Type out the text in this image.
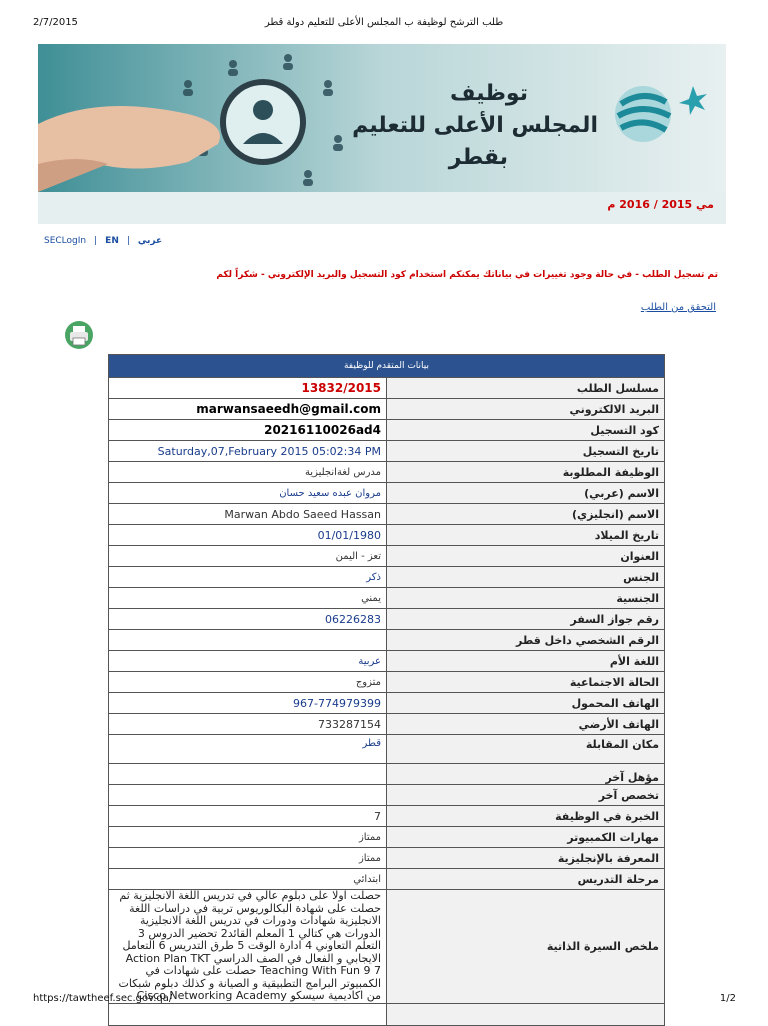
2/7/2015	طلب الترشح لوظيفة ب المجلس الأعلى للتعليم دولة قطر
توظيف
المجلس الأعلى للتعليم
بقطر
مي 2015 / 2016 م
SECLogIn | EN | عربي
تم تسجيل الطلب - في حالة وجود تغييرات في بياناتك يمكنكم استخدام كود التسجيل والبريد الإلكتروني - شكراً لكم
التحقق من الطلب
بيانات المتقدم للوظيفة	
13832/2015	مسلسل الطلب
marwansaeedh@gmail.com	البريد الالكتروني
20216110026ad4	كود التسجيل
Saturday,07,February 2015 05:02:34 PM	تاريخ التسجيل
مدرس لغةانجليزية	الوظيفة المطلوبة
مروان عبده سعيد حسان	الاسم (عربي)
Marwan Abdo Saeed Hassan	الاسم (انجليزي)
01/01/1980	تاريخ الميلاد
تعز - اليمن	العنوان
ذكر	الجنس
يمني	الجنسية
06226283	رقم جواز السفر
	الرقم الشخصي داخل قطر
عربية	اللغة الأم
متزوج	الحالة الاجتماعية
967-774979399	الهاتف المحمول
733287154	الهاتف الأرضي
قطر	مكان المقابلة
	مؤهل آخر
	تخصص آخر
7	الخبرة في الوظيفة
ممتاز	مهارات الكمبيوتر
ممتاز	المعرفة بالإنجليزية
ابتدائي	مرحلة التدريس
حصلت اولا على دبلوم عالي في تدريس اللغة الانجليزية ثم حصلت على شهادة البكالوريوس تربية في دراسات اللغة الانجليزية شهادات ودورات في تدريس اللغة الانجليزية الدورات هي كتالي 1 المعلم القائد2 تحضير الدروس 3 التعلم التعاوني 4 ادارة الوقت 5 طرق التدريس 6 التعامل الايجابي و الفعال في الصف الدراسي Action Plan TKT Teaching With Fun 9 7 حصلت على شهادات في الكمبيوتر البرامج التطبيقية و الصيانة و كذلك دبلوم شبكات من اكاديمية سيسكو Cisco Networking Academy	ملخص السيرة الذاتية

https://tawtheef.sec.gov.qa/	1/2
